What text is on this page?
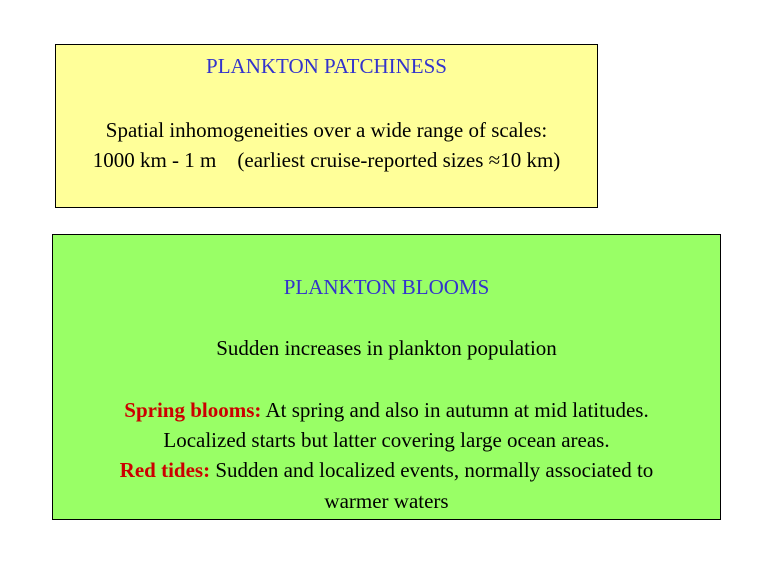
PLANKTON PATCHINESS
Spatial inhomogeneities over a wide range of scales:
1000 km - 1 m    (earliest cruise-reported sizes ≈10 km)
PLANKTON BLOOMS
Sudden increases in plankton population
Spring blooms: At spring and also in autumn at mid latitudes.
Localized starts but latter covering large ocean areas.
Red tides: Sudden and localized events, normally associated to
warmer waters
